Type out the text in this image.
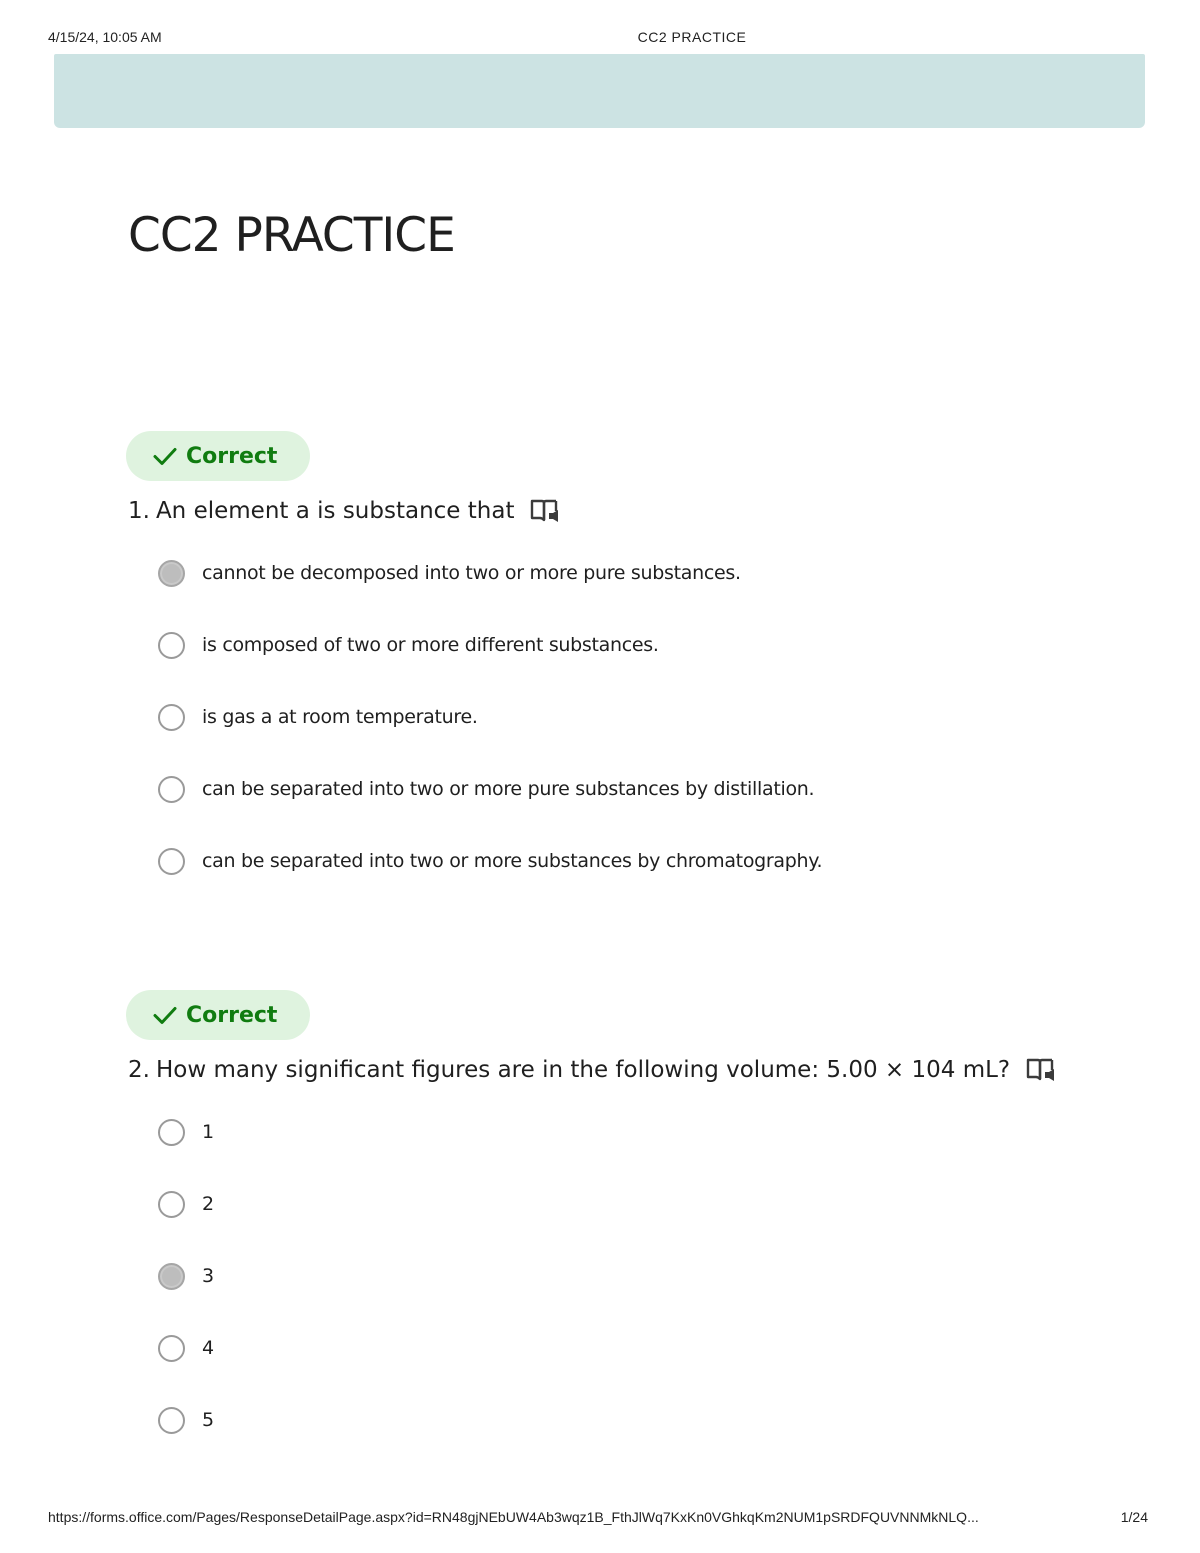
4/15/24, 10:05 AM	CC2 PRACTICE
CC2 PRACTICE
Correct
1. An element a is substance that
cannot be decomposed into two or more pure substances.
is composed of two or more different substances.
is gas a at room temperature.
can be separated into two or more pure substances by distillation.
can be separated into two or more substances by chromatography.
Correct
2. How many significant figures are in the following volume: 5.00 × 104 mL?
1
2
3
4
5
https://forms.office.com/Pages/ResponseDetailPage.aspx?id=RN48gjNEbUW4Ab3wqz1B_FthJlWq7KxKn0VGhkqKm2NUM1pSRDFQUVNNMkNLQ...	1/24
